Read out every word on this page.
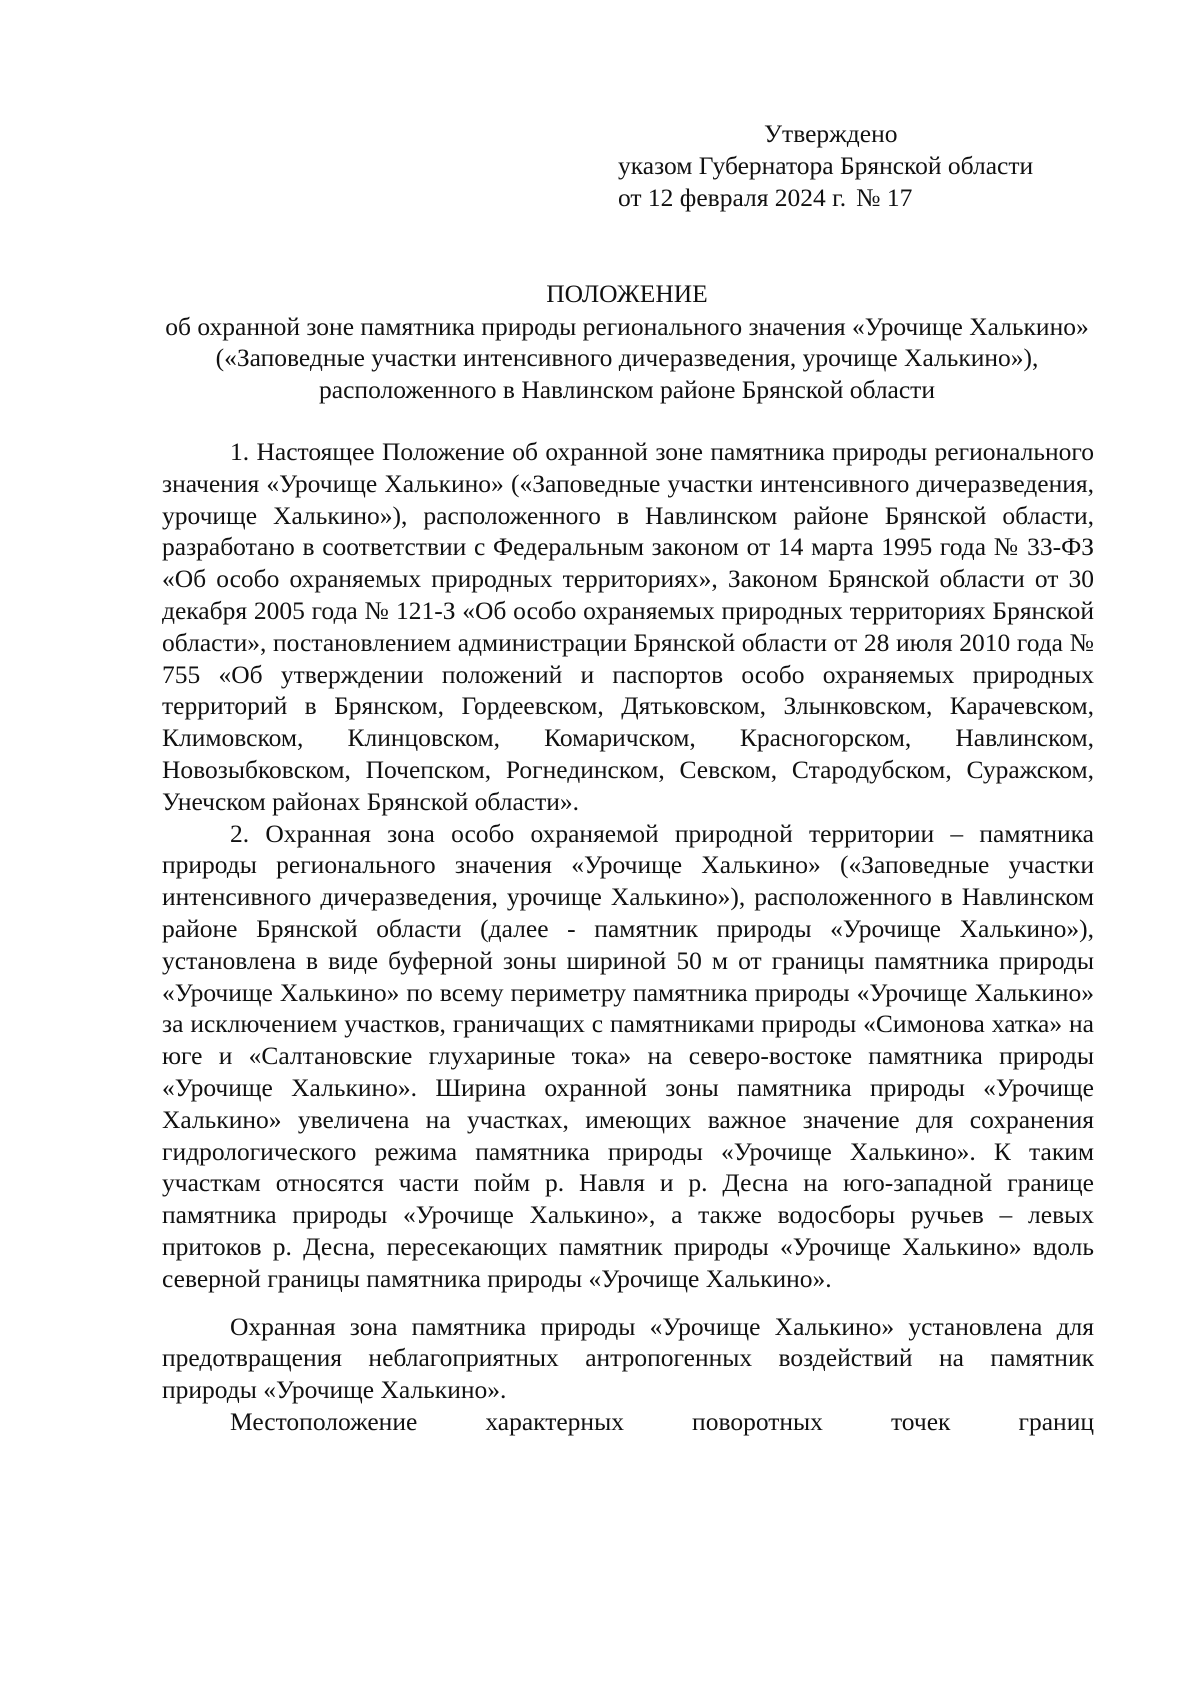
Утверждено
указом Губернатора Брянской области
от 12 февраля 2024 г. № 17
ПОЛОЖЕНИЕ
об охранной зоне памятника природы регионального значения «Урочище Халькино» («Заповедные участки интенсивного дичеразведения, урочище Халькино»), расположенного в Навлинском районе Брянской области

1. Настоящее Положение об охранной зоне памятника природы регионального значения «Урочище Халькино» («Заповедные участки интенсивного дичеразведения, урочище Халькино»), расположенного в Навлинском районе Брянской области, разработано в соответствии с Федеральным законом от 14 марта 1995 года № 33-ФЗ «Об особо охраняемых природных территориях», Законом Брянской области от 30 декабря 2005 года № 121-З «Об особо охраняемых природных территориях Брянской области», постановлением администрации Брянской области от 28 июля 2010 года № 755 «Об утверждении положений и паспортов особо охраняемых природных территорий в Брянском, Гордеевском, Дятьковском, Злынковском, Карачевском, Климовском, Клинцовском, Комаричском, Красногорском, Навлинском, Новозыбковском, Почепском, Рогнединском, Севском, Стародубском, Суражском, Унечском районах Брянской области».

2. Охранная зона особо охраняемой природной территории – памятника природы регионального значения «Урочище Халькино» («Заповедные участки интенсивного дичеразведения, урочище Халькино»), расположенного в Навлинском районе Брянской области (далее - памятник природы «Урочище Халькино»), установлена в виде буферной зоны шириной 50 м от границы памятника природы «Урочище Халькино» по всему периметру памятника природы «Урочище Халькино» за исключением участков, граничащих с памятниками природы «Симонова хатка» на юге и «Салтановские глухариные тока» на северо-востоке памятника природы «Урочище Халькино». Ширина охранной зоны памятника природы «Урочище Халькино» увеличена на участках, имеющих важное значение для сохранения гидрологического режима памятника природы «Урочище Халькино». К таким участкам относятся части пойм р. Навля и р. Десна на юго-западной границе памятника природы «Урочище Халькино», а также водосборы ручьев – левых притоков р. Десна, пересекающих памятник природы «Урочище Халькино» вдоль северной границы памятника природы «Урочище Халькино».

Охранная зона памятника природы «Урочище Халькино» установлена для предотвращения неблагоприятных антропогенных воздействий на памятник природы «Урочище Халькино».

Местоположение характерных поворотных точек границ
